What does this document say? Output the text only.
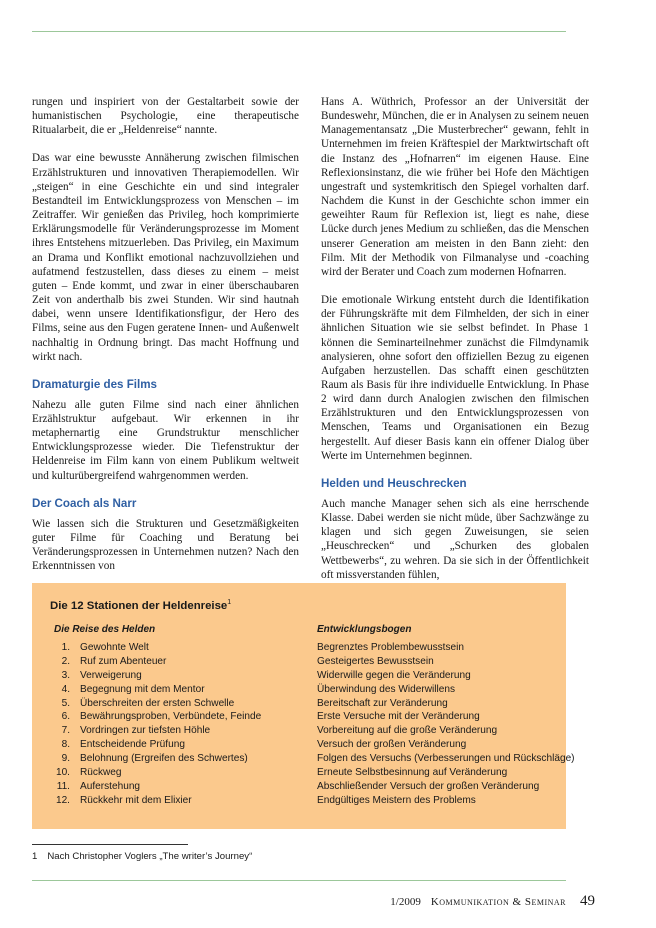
rungen und inspiriert von der Gestaltarbeit sowie der humanistischen Psychologie, eine therapeutische Ritualarbeit, die er „Heldenreise“ nannte.

Das war eine bewusste Annäherung zwischen filmischen Erzählstrukturen und innovativen Therapiemodellen. Wir „steigen“ in eine Geschichte ein und sind integraler Bestandteil im Entwicklungsprozess von Menschen – im Zeitraffer. Wir genießen das Privileg, hoch komprimierte Erklärungsmodelle für Veränderungsprozesse im Moment ihres Entstehens mitzuerleben. Das Privileg, ein Maximum an Drama und Konflikt emotional nachzuvollziehen und aufatmend festzustellen, dass dieses zu einem – meist guten – Ende kommt, und zwar in einer überschaubaren Zeit von anderthalb bis zwei Stunden. Wir sind hautnah dabei, wenn unsere Identifikationsfigur, der Hero des Films, seine aus den Fugen geratene Innen- und Außenwelt nachhaltig in Ordnung bringt. Das macht Hoffnung und wirkt nach.

Dramaturgie des Films

Nahezu alle guten Filme sind nach einer ähnlichen Erzählstruktur aufgebaut. Wir erkennen in ihr metaphernartig eine Grundstruktur menschlicher Entwicklungsprozesse wieder. Die Tiefenstruktur der Heldenreise im Film kann von einem Publikum weltweit und kulturübergreifend wahrgenommen werden.

Der Coach als Narr

Wie lassen sich die Strukturen und Gesetzmäßigkeiten guter Filme für Coaching und Beratung bei Veränderungsprozessen in Unternehmen nutzen? Nach den Erkenntnissen von

Hans A. Wüthrich, Professor an der Universität der Bundeswehr, München, die er in Analysen zu seinem neuen Managementansatz „Die Musterbrecher“ gewann, fehlt in Unternehmen im freien Kräftespiel der Marktwirtschaft oft die Instanz des „Hofnarren“ im eigenen Hause. Eine Reflexionsinstanz, die wie früher bei Hofe den Mächtigen ungestraft und systemkritisch den Spiegel vorhalten darf. Nachdem die Kunst in der Geschichte schon immer ein geweihter Raum für Reflexion ist, liegt es nahe, diese Lücke durch jenes Medium zu schließen, das die Menschen unserer Generation am meisten in den Bann zieht: den Film. Mit der Methodik von Filmanalyse und -coaching wird der Berater und Coach zum modernen Hofnarren.

Die emotionale Wirkung entsteht durch die Identifikation der Führungskräfte mit dem Filmhelden, der sich in einer ähnlichen Situation wie sie selbst befindet. In Phase 1 können die Seminarteilnehmer zunächst die Filmdynamik analysieren, ohne sofort den offiziellen Bezug zu eigenen Aufgaben herzustellen. Das schafft einen geschützten Raum als Basis für ihre individuelle Entwicklung. In Phase 2 wird dann durch Analogien zwischen den filmischen Erzählstrukturen und den Entwicklungsprozessen von Menschen, Teams und Organisationen ein Bezug hergestellt. Auf dieser Basis kann ein offener Dialog über Werte im Unternehmen beginnen.

Helden und Heuschrecken

Auch manche Manager sehen sich als eine herrschende Klasse. Dabei werden sie nicht müde, über Sachzwänge zu klagen und sich gegen Zuweisungen, sie seien „Heuschrecken“ und „Schurken des globalen Wettbewerbs“, zu wehren. Da sie sich in der Öffentlichkeit oft missverstanden fühlen,

Die 12 Stationen der Heldenreise$^1$
Die Reise des Helden
1. Gewohnte Welt
2. Ruf zum Abenteuer
3. Verweigerung
4. Begegnung mit dem Mentor
5. Überschreiten der ersten Schwelle
6. Bewährungsproben, Verbündete, Feinde
7. Vordringen zur tiefsten Höhle
8. Entscheidende Prüfung
9. Belohnung (Ergreifen des Schwertes)
10. Rückweg
11. Auferstehung
12. Rückkehr mit dem Elixier
Entwicklungsbogen
Begrenztes Problembewusstsein
Gesteigertes Bewusstsein
Widerwille gegen die Veränderung
Überwindung des Widerwillens
Bereitschaft zur Veränderung
Erste Versuche mit der Veränderung
Vorbereitung auf die große Veränderung
Versuch der großen Veränderung
Folgen des Versuchs (Verbesserungen und Rückschläge)
Erneute Selbstbesinnung auf Veränderung
Abschließender Versuch der großen Veränderung
Endgültiges Meistern des Problems
1 Nach Christopher Voglers „The writer’s Journey“
1/2009 Kommunikation & Seminar 49
